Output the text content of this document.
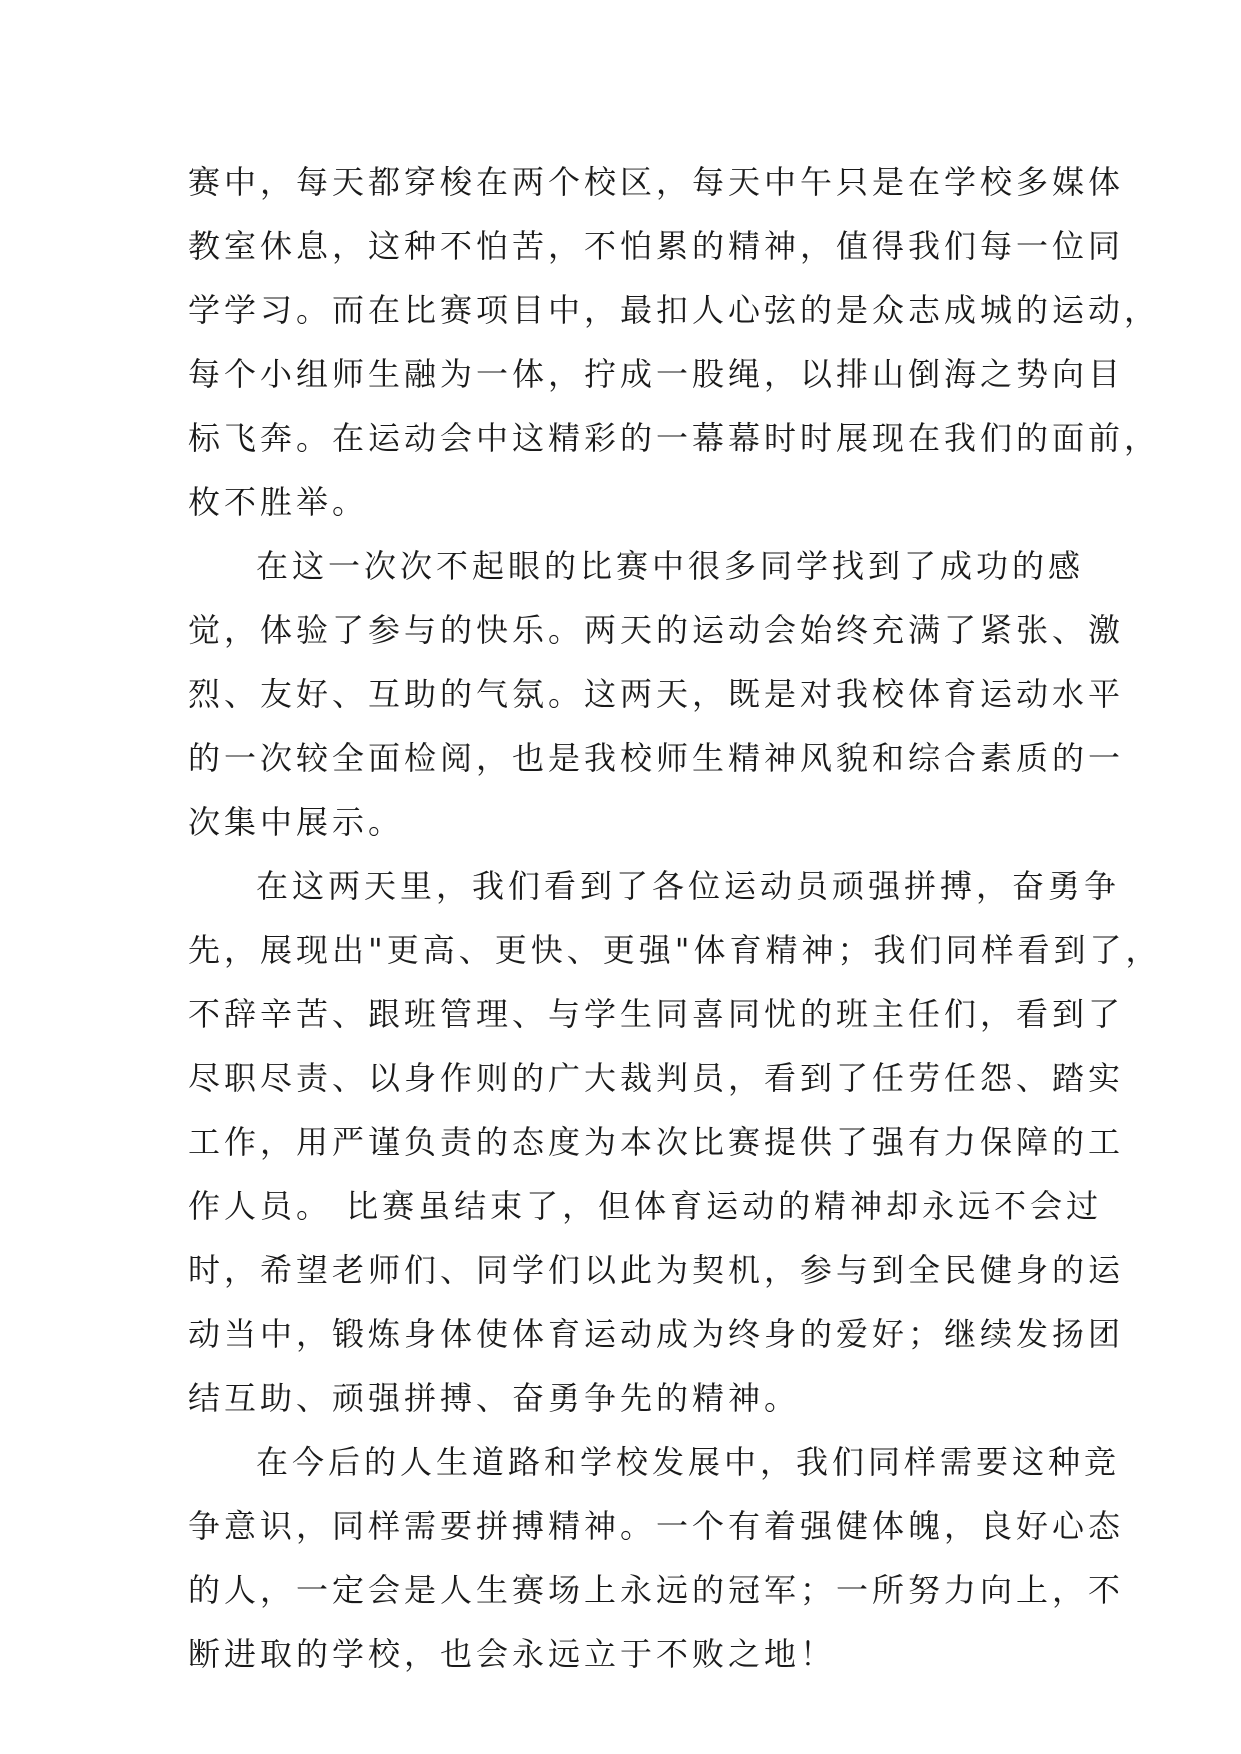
赛中，每天都穿梭在两个校区，每天中午只是在学校多媒体
教室休息，这种不怕苦，不怕累的精神，值得我们每一位同
学学习。而在比赛项目中，最扣人心弦的是众志成城的运动，
每个小组师生融为一体，拧成一股绳，以排山倒海之势向目
标飞奔。在运动会中这精彩的一幕幕时时展现在我们的面前，
枚不胜举。
在这一次次不起眼的比赛中很多同学找到了成功的感
觉，体验了参与的快乐。两天的运动会始终充满了紧张、激
烈、友好、互助的气氛。这两天，既是对我校体育运动水平
的一次较全面检阅，也是我校师生精神风貌和综合素质的一
次集中展示。
在这两天里，我们看到了各位运动员顽强拼搏，奋勇争
先，展现出"更高、更快、更强"体育精神；我们同样看到了，
不辞辛苦、跟班管理、与学生同喜同忧的班主任们，看到了
尽职尽责、以身作则的广大裁判员，看到了任劳任怨、踏实
工作，用严谨负责的态度为本次比赛提供了强有力保障的工
作人员。 比赛虽结束了，但体育运动的精神却永远不会过
时，希望老师们、同学们以此为契机，参与到全民健身的运
动当中，锻炼身体使体育运动成为终身的爱好；继续发扬团
结互助、顽强拼搏、奋勇争先的精神。
在今后的人生道路和学校发展中，我们同样需要这种竞
争意识，同样需要拼搏精神。一个有着强健体魄，良好心态
的人，一定会是人生赛场上永远的冠军；一所努力向上，不
断进取的学校，也会永远立于不败之地！
